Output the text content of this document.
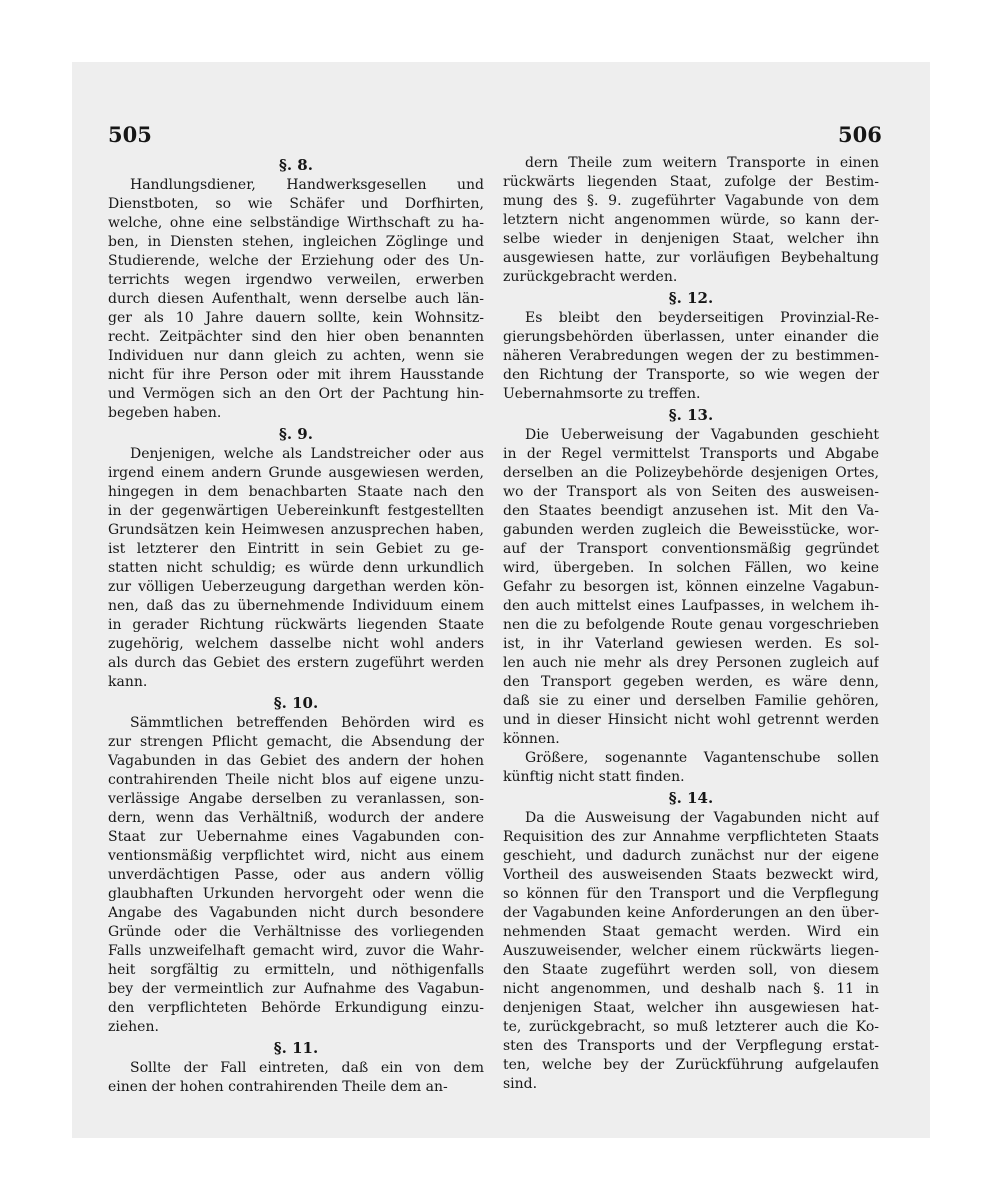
505	506
§. 8.

Handlungsdiener, Handwerksgesellen und
Dienstboten, so wie Schäfer und Dorfhirten,
welche, ohne eine selbständige Wirthschaft zu ha-
ben, in Diensten stehen, ingleichen Zöglinge und
Studierende, welche der Erziehung oder des Un-
terrichts wegen irgendwo verweilen, erwerben
durch diesen Aufenthalt, wenn derselbe auch län-
ger als 10 Jahre dauern sollte, kein Wohnsitz-
recht. Zeitpächter sind den hier oben benannten
Individuen nur dann gleich zu achten, wenn sie
nicht für ihre Person oder mit ihrem Hausstande
und Vermögen sich an den Ort der Pachtung hin-
begeben haben.

§. 9.

Denjenigen, welche als Landstreicher oder aus
irgend einem andern Grunde ausgewiesen werden,
hingegen in dem benachbarten Staate nach den
in der gegenwärtigen Uebereinkunft festgestellten
Grundsätzen kein Heimwesen anzusprechen haben,
ist letzterer den Eintritt in sein Gebiet zu ge-
statten nicht schuldig; es würde denn urkundlich
zur völligen Ueberzeugung dargethan werden kön-
nen, daß das zu übernehmende Individuum einem
in gerader Richtung rückwärts liegenden Staate
zugehörig, welchem dasselbe nicht wohl anders
als durch das Gebiet des erstern zugeführt werden
kann.

§. 10.

Sämmtlichen betreffenden Behörden wird es
zur strengen Pflicht gemacht, die Absendung der
Vagabunden in das Gebiet des andern der hohen
contrahirenden Theile nicht blos auf eigene unzu-
verlässige Angabe derselben zu veranlassen, son-
dern, wenn das Verhältniß, wodurch der andere
Staat zur Uebernahme eines Vagabunden con-
ventionsmäßig verpflichtet wird, nicht aus einem
unverdächtigen Passe, oder aus andern völlig
glaubhaften Urkunden hervorgeht oder wenn die
Angabe des Vagabunden nicht durch besondere
Gründe oder die Verhältnisse des vorliegenden
Falls unzweifelhaft gemacht wird, zuvor die Wahr-
heit sorgfältig zu ermitteln, und nöthigenfalls
bey der vermeintlich zur Aufnahme des Vagabun-
den verpflichteten Behörde Erkundigung einzu-
ziehen.

§. 11.

Sollte der Fall eintreten, daß ein von dem
einen der hohen contrahirenden Theile dem an-

dern Theile zum weitern Transporte in einen
rückwärts liegenden Staat, zufolge der Bestim-
mung des §. 9. zugeführter Vagabunde von dem
letztern nicht angenommen würde, so kann der-
selbe wieder in denjenigen Staat, welcher ihn
ausgewiesen hatte, zur vorläufigen Beybehaltung
zurückgebracht werden.

§. 12.

Es bleibt den beyderseitigen Provinzial-Re-
gierungsbehörden überlassen, unter einander die
näheren Verabredungen wegen der zu bestimmen-
den Richtung der Transporte, so wie wegen der
Uebernahmsorte zu treffen.

§. 13.

Die Ueberweisung der Vagabunden geschieht
in der Regel vermittelst Transports und Abgabe
derselben an die Polizeybehörde desjenigen Ortes,
wo der Transport als von Seiten des ausweisen-
den Staates beendigt anzusehen ist. Mit den Va-
gabunden werden zugleich die Beweisstücke, wor-
auf der Transport conventionsmäßig gegründet
wird, übergeben. In solchen Fällen, wo keine
Gefahr zu besorgen ist, können einzelne Vagabun-
den auch mittelst eines Laufpasses, in welchem ih-
nen die zu befolgende Route genau vorgeschrieben
ist, in ihr Vaterland gewiesen werden. Es sol-
len auch nie mehr als drey Personen zugleich auf
den Transport gegeben werden, es wäre denn,
daß sie zu einer und derselben Familie gehören,
und in dieser Hinsicht nicht wohl getrennt werden
können.

Größere, sogenannte Vagantenschube sollen
künftig nicht statt finden.

§. 14.

Da die Ausweisung der Vagabunden nicht auf
Requisition des zur Annahme verpflichteten Staats
geschieht, und dadurch zunächst nur der eigene
Vortheil des ausweisenden Staats bezweckt wird,
so können für den Transport und die Verpflegung
der Vagabunden keine Anforderungen an den über-
nehmenden Staat gemacht werden. Wird ein
Auszuweisender, welcher einem rückwärts liegen-
den Staate zugeführt werden soll, von diesem
nicht angenommen, und deshalb nach §. 11 in
denjenigen Staat, welcher ihn ausgewiesen hat-
te, zurückgebracht, so muß letzterer auch die Ko-
sten des Transports und der Verpflegung erstat-
ten, welche bey der Zurückführung aufgelaufen
sind.
